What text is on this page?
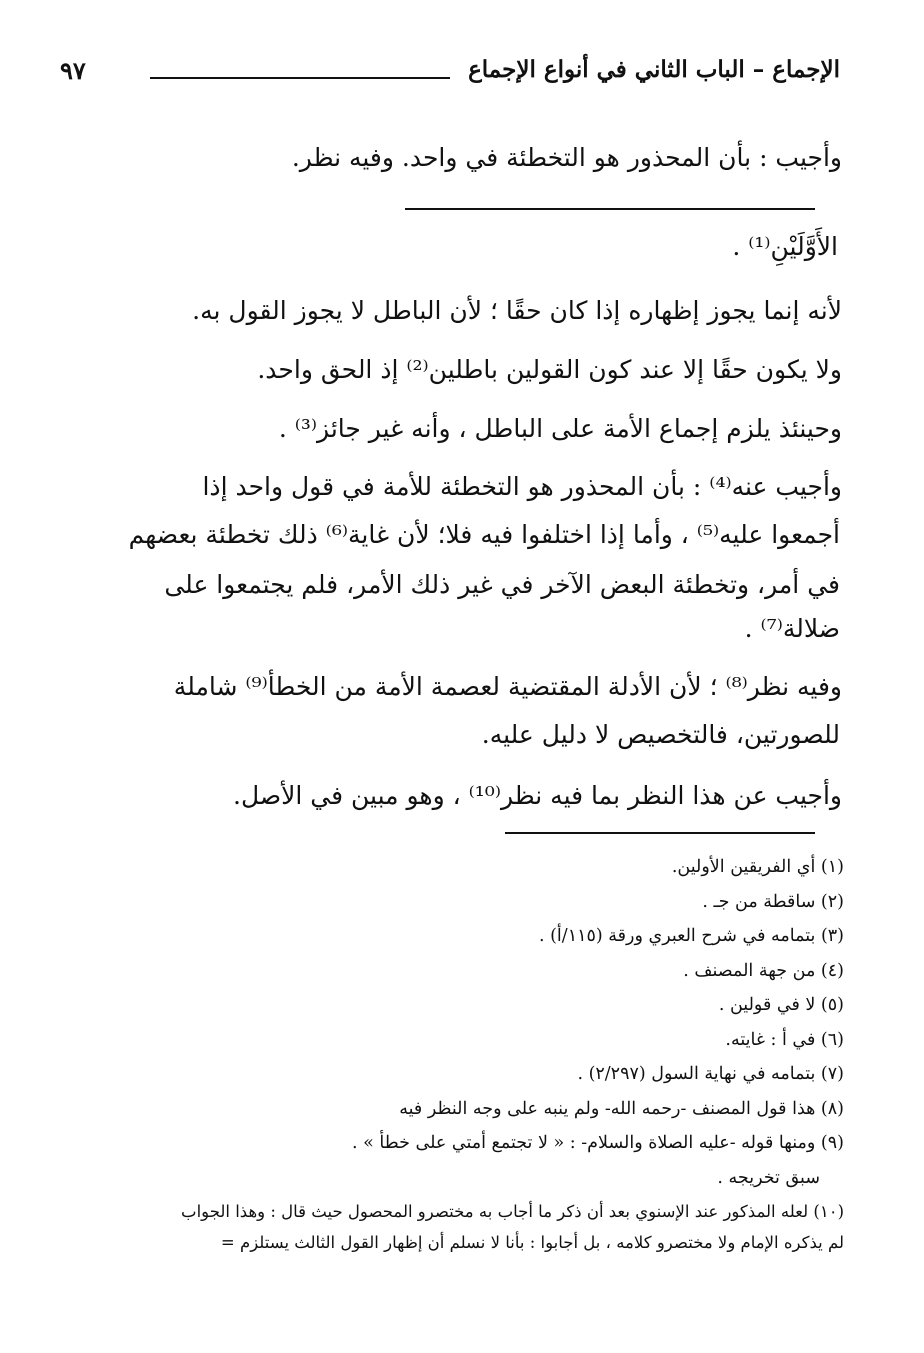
٩٧	الإجماع – الباب الثاني في أنواع الإجماع
وأجيب : بأن المحذور هو التخطئة في واحد. وفيه نظر.
الأَوَّلَيْنِ⁽¹⁾ .
لأنه إنما يجوز إظهاره إذا كان حقًا ؛ لأن الباطل لا يجوز القول به.
ولا يكون حقًا إلا عند كون القولين باطلين⁽²⁾ إذ الحق واحد.
وحينئذ يلزم إجماع الأمة على الباطل ، وأنه غير جائز⁽³⁾ .
وأجيب عنه⁽⁴⁾ : بأن المحذور هو التخطئة للأمة في قول واحد إذا
أجمعوا عليه⁽⁵⁾ ، وأما إذا اختلفوا فيه فلا؛ لأن غاية⁽⁶⁾ ذلك تخطئة بعضهم
في أمر، وتخطئة البعض الآخر في غير ذلك الأمر، فلم يجتمعوا على
ضلالة⁽⁷⁾ .
وفيه نظر⁽⁸⁾ ؛ لأن الأدلة المقتضية لعصمة الأمة من الخطأ⁽⁹⁾ شاملة
للصورتين، فالتخصيص لا دليل عليه.
وأجيب عن هذا النظر بما فيه نظر⁽¹⁰⁾ ، وهو مبين في الأصل.
(١) أي الفريقين الأولين.
(٢) ساقطة من جـ .
(٣) بتمامه في شرح العبري ورقة (١١٥/أ) .
(٤) من جهة المصنف .
(٥) لا في قولين .
(٦) في أ : غايته.
(٧) بتمامه في نهاية السول (٢/٢٩٧) .
(٨) هذا قول المصنف -رحمه الله- ولم ينبه على وجه النظر فيه
(٩) ومنها قوله -عليه الصلاة والسلام- : « لا تجتمع أمتي على خطأ » .
سبق تخريجه .
(١٠) لعله المذكور عند الإسنوي بعد أن ذكر ما أجاب به مختصرو المحصول حيث قال : وهذا الجواب
لم يذكره الإمام ولا مختصرو كلامه ، بل أجابوا : بأنا لا نسلم أن إظهار القول الثالث يستلزم =
